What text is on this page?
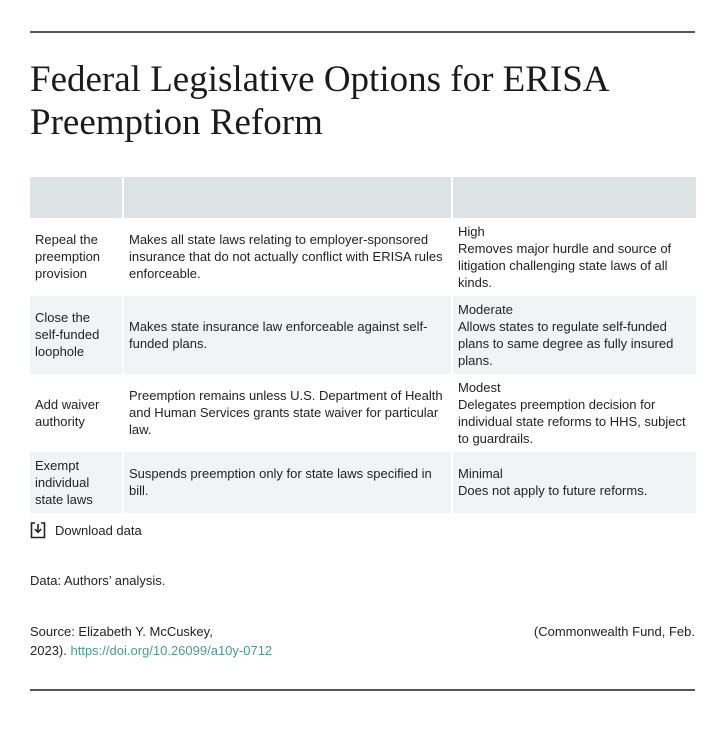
Federal Legislative Options for ERISA Preemption Reform

Repeal the preemption provision	Makes all state laws relating to employer-sponsored insurance that do not actually conflict with ERISA rules enforceable.	High
Removes major hurdle and source of litigation challenging state laws of all kinds.
Close the self-funded loophole	Makes state insurance law enforceable against self-funded plans.	Moderate
Allows states to regulate self-funded plans to same degree as fully insured plans.
Add waiver authority	Preemption remains unless U.S. Department of Health and Human Services grants state waiver for particular law.	Modest
Delegates preemption decision for individual state reforms to HHS, subject to guardrails.
Exempt individual state laws	Suspends preemption only for state laws specified in bill.	Minimal
Does not apply to future reforms.
Download data
Data: Authors’ analysis.
Source: Elizabeth Y. McCuskey,
2023). https://doi.org/10.26099/a10y-0712
(Commonwealth Fund, Feb.
